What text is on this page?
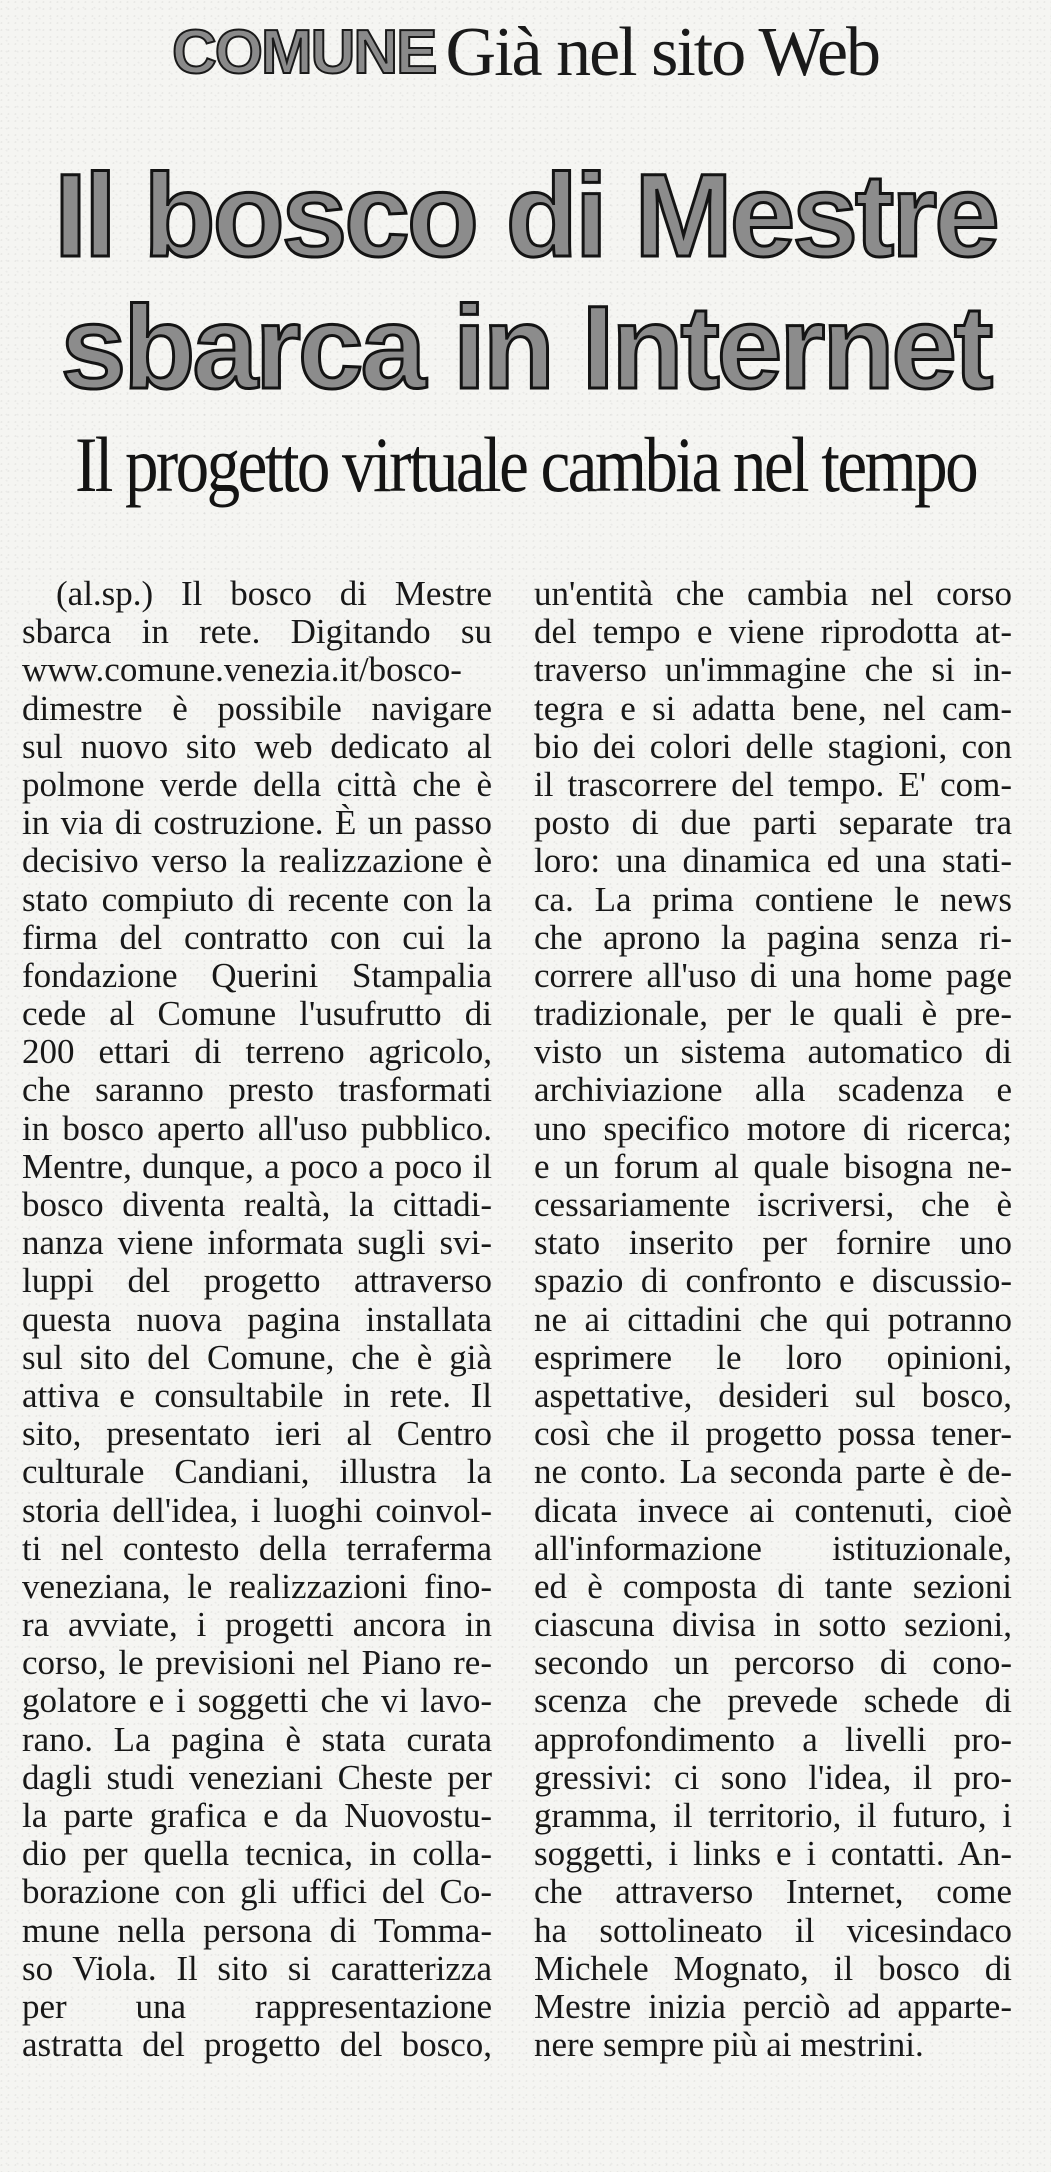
COMUNE Già nel sito Web
Il bosco di Mestre
sbarca in Internet
Il progetto virtuale cambia nel tempo
(al.sp.) Il bosco di Mestre
sbarca in rete. Digitando su
www.comune.venezia.it/bosco-
dimestre è possibile navigare
sul nuovo sito web dedicato al
polmone verde della città che è
in via di costruzione. È un passo
decisivo verso la realizzazione è
stato compiuto di recente con la
firma del contratto con cui la
fondazione Querini Stampalia
cede al Comune l'usufrutto di
200 ettari di terreno agricolo,
che saranno presto trasformati
in bosco aperto all'uso pubblico.
Mentre, dunque, a poco a poco il
bosco diventa realtà, la cittadi-
nanza viene informata sugli svi-
luppi del progetto attraverso
questa nuova pagina installata
sul sito del Comune, che è già
attiva e consultabile in rete. Il
sito, presentato ieri al Centro
culturale Candiani, illustra la
storia dell'idea, i luoghi coinvol-
ti nel contesto della terraferma
veneziana, le realizzazioni fino-
ra avviate, i progetti ancora in
corso, le previsioni nel Piano re-
golatore e i soggetti che vi lavo-
rano. La pagina è stata curata
dagli studi veneziani Cheste per
la parte grafica e da Nuovostu-
dio per quella tecnica, in colla-
borazione con gli uffici del Co-
mune nella persona di Tomma-
so Viola. Il sito si caratterizza
per una rappresentazione
astratta del progetto del bosco,
un'entità che cambia nel corso
del tempo e viene riprodotta at-
traverso un'immagine che si in-
tegra e si adatta bene, nel cam-
bio dei colori delle stagioni, con
il trascorrere del tempo. E' com-
posto di due parti separate tra
loro: una dinamica ed una stati-
ca. La prima contiene le news
che aprono la pagina senza ri-
correre all'uso di una home page
tradizionale, per le quali è pre-
visto un sistema automatico di
archiviazione alla scadenza e
uno specifico motore di ricerca;
e un forum al quale bisogna ne-
cessariamente iscriversi, che è
stato inserito per fornire uno
spazio di confronto e discussio-
ne ai cittadini che qui potranno
esprimere le loro opinioni,
aspettative, desideri sul bosco,
così che il progetto possa tener-
ne conto. La seconda parte è de-
dicata invece ai contenuti, cioè
all'informazione istituzionale,
ed è composta di tante sezioni
ciascuna divisa in sotto sezioni,
secondo un percorso di cono-
scenza che prevede schede di
approfondimento a livelli pro-
gressivi: ci sono l'idea, il pro-
gramma, il territorio, il futuro, i
soggetti, i links e i contatti. An-
che attraverso Internet, come
ha sottolineato il vicesindaco
Michele Mognato, il bosco di
Mestre inizia perciò ad apparte-
nere sempre più ai mestrini.
